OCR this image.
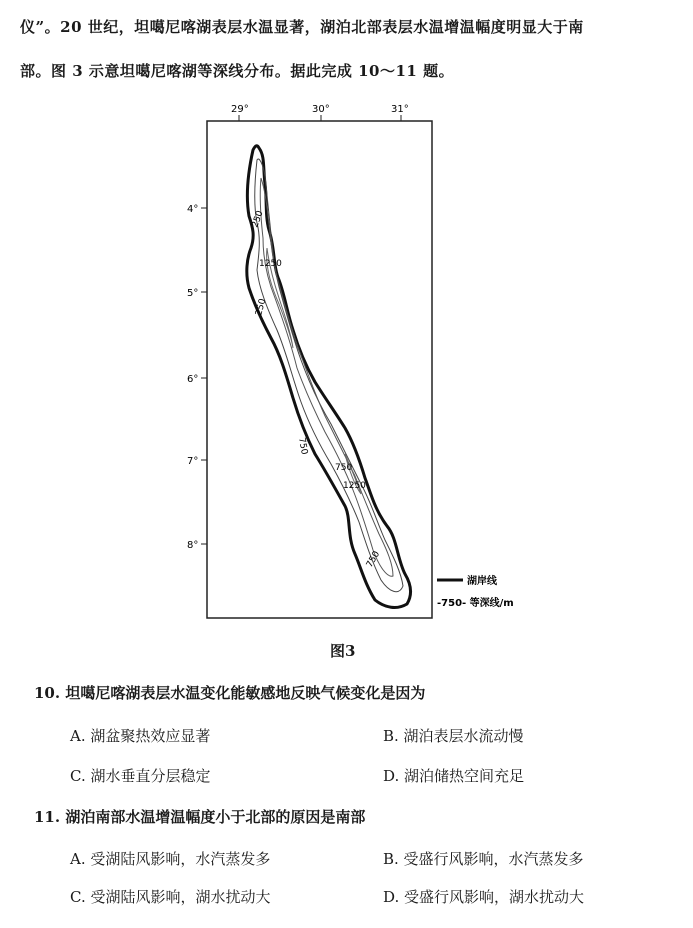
仪”。20 世纪，坦噶尼喀湖表层水温显著，湖泊北部表层水温增温幅度明显大于南
部。图 3 示意坦噶尼喀湖等深线分布。据此完成 10～11 题。
29°	30°	31°
4°
5°
6°
7°
8°
250
1250
250
750
750
1250
750
湖岸线
-750- 等深线/m
图3
10. 坦噶尼喀湖表层水温变化能敏感地反映气候变化是因为
A. 湖盆聚热效应显著	B. 湖泊表层水流动慢
C. 湖水垂直分层稳定	D. 湖泊储热空间充足
11. 湖泊南部水温增温幅度小于北部的原因是南部
A. 受湖陆风影响，水汽蒸发多	B. 受盛行风影响，水汽蒸发多
C. 受湖陆风影响，湖水扰动大	D. 受盛行风影响，湖水扰动大
